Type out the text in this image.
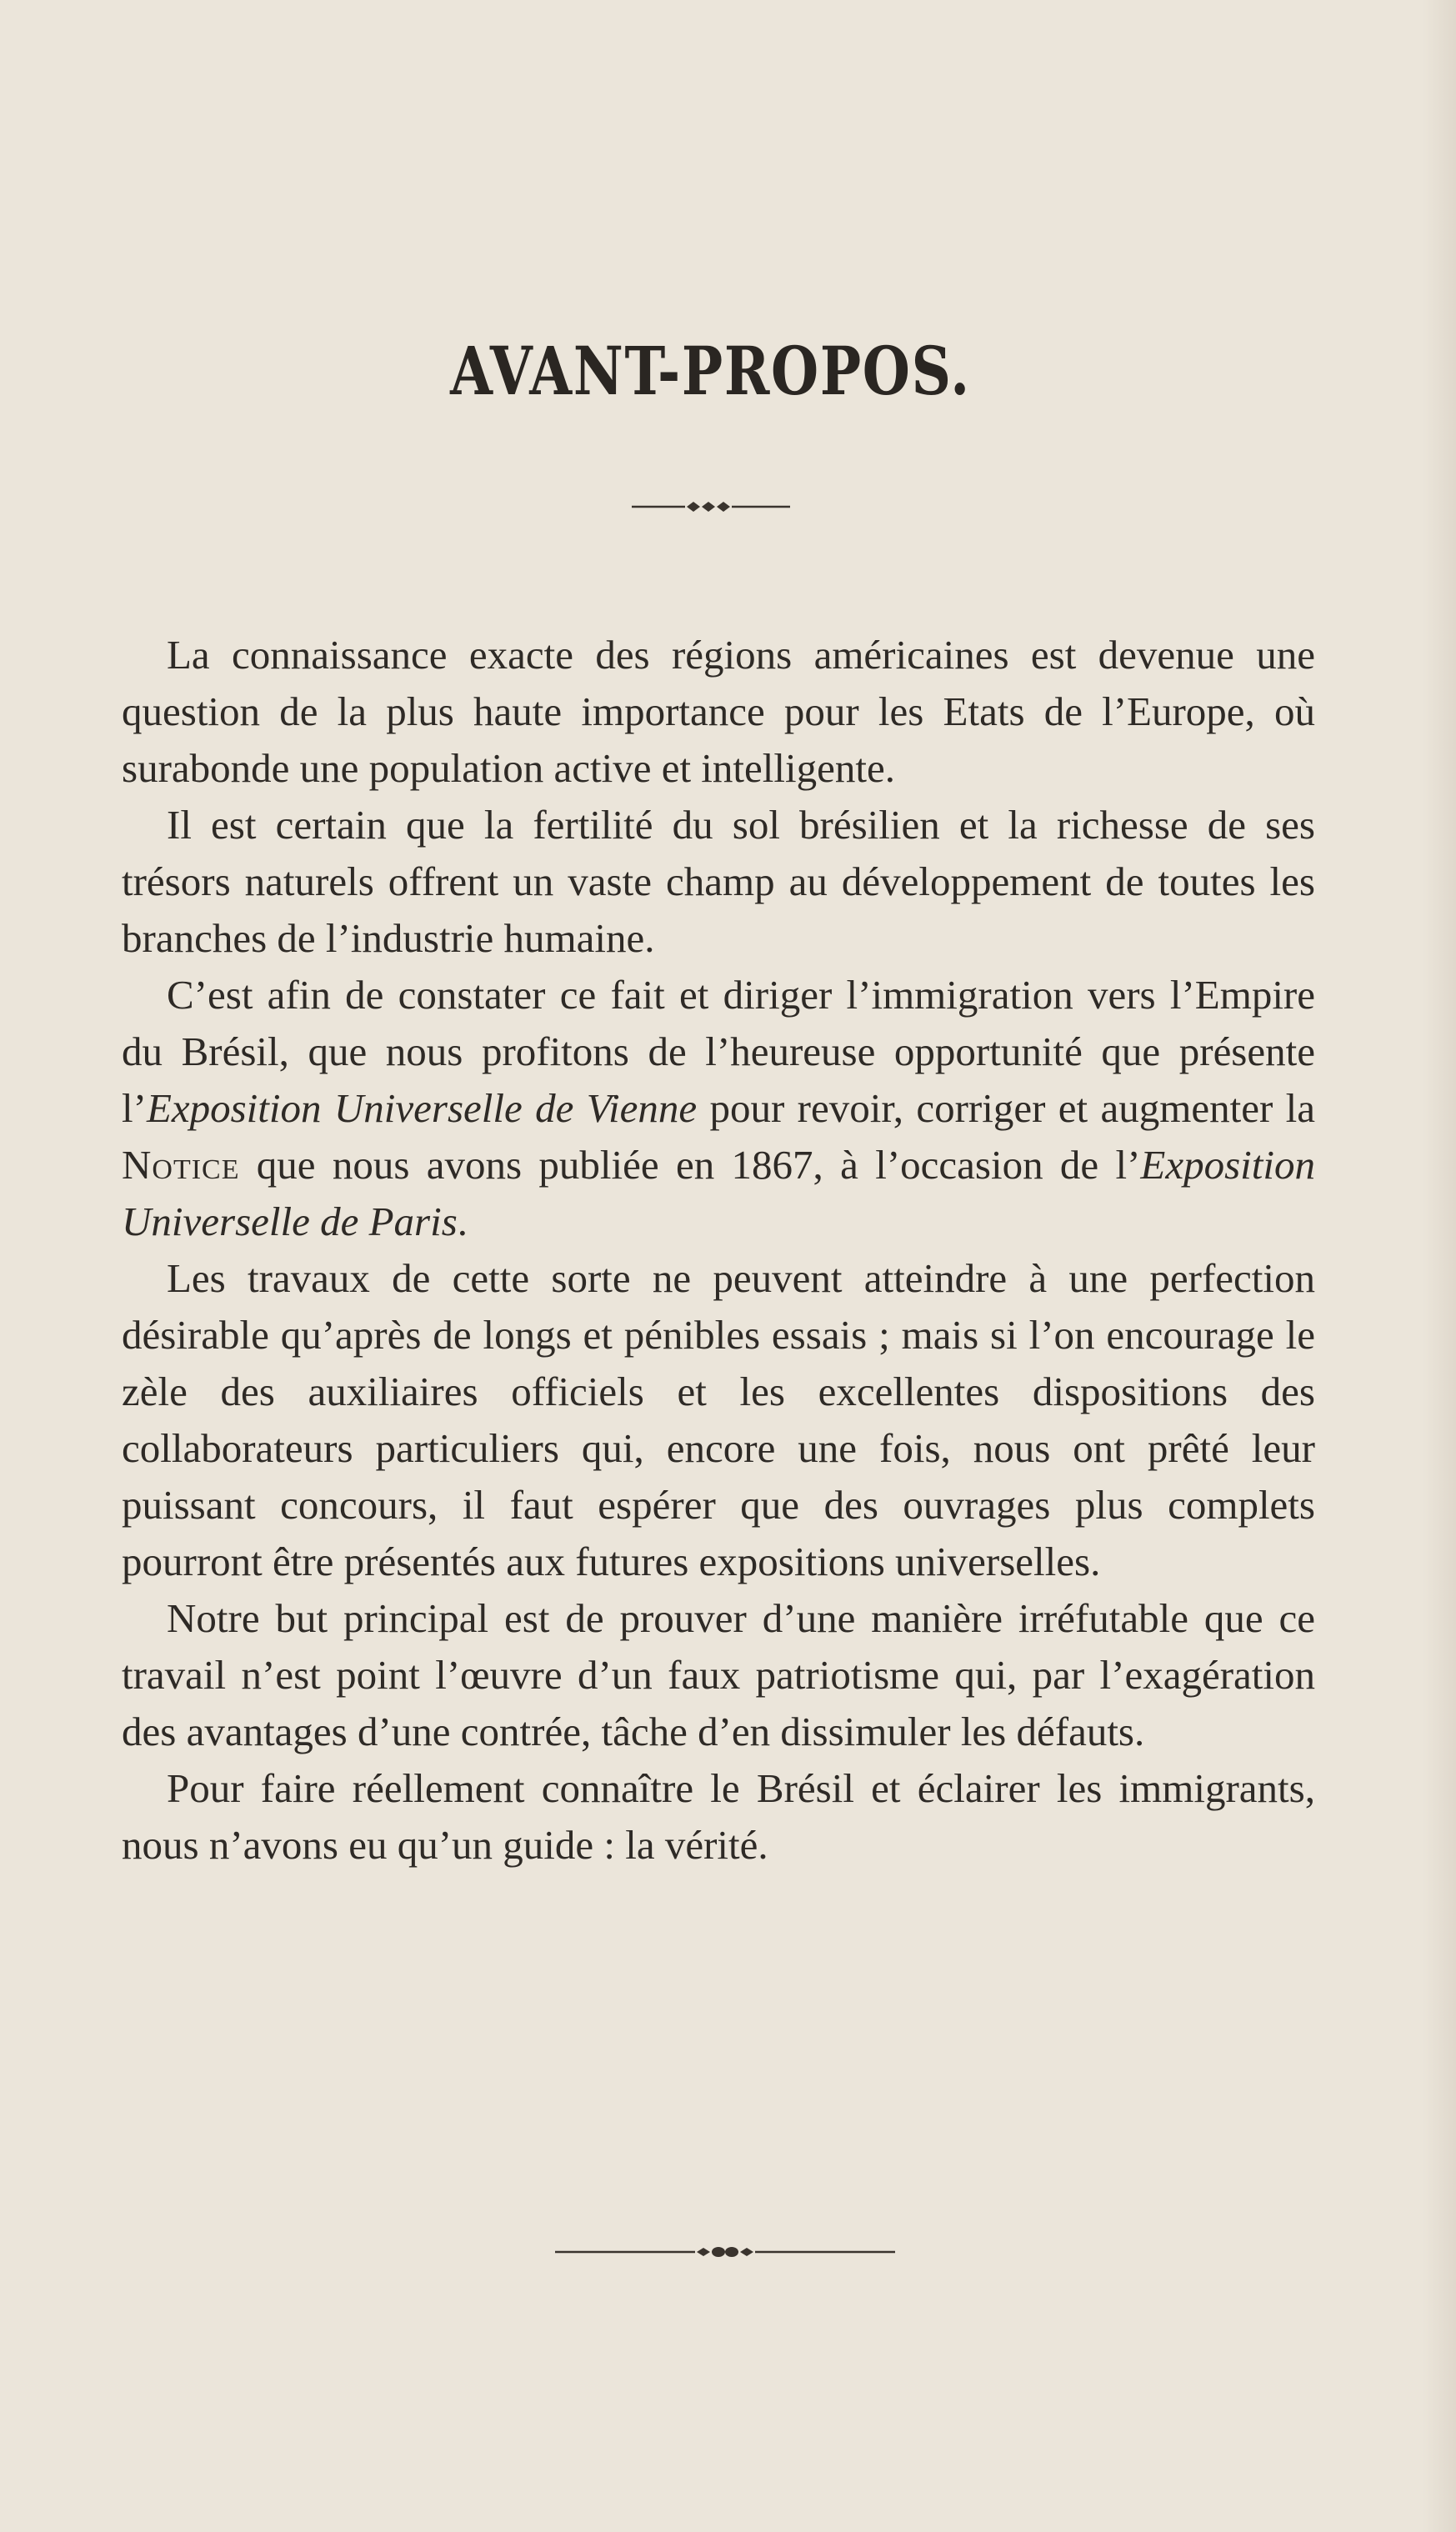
AVANT-PROPOS.

La connaissance exacte des régions américaines est devenue une question de la plus haute importance pour les Etats de l’Europe, où surabonde une population active et intelligente.

Il est certain que la fertilité du sol brésilien et la richesse de ses trésors naturels offrent un vaste champ au développement de toutes les branches de l’industrie humaine.

C’est afin de constater ce fait et diriger l’immigration vers l’Empire du Brésil, que nous profitons de l’heureuse opportunité que présente l’Exposition Universelle de Vienne pour revoir, corriger et augmenter la Notice que nous avons publiée en 1867, à l’occasion de l’Exposition Universelle de Paris.

Les travaux de cette sorte ne peuvent atteindre à une perfection désirable qu’après de longs et pénibles essais ; mais si l’on encourage le zèle des auxiliaires officiels et les excellentes dispositions des collaborateurs particuliers qui, encore une fois, nous ont prêté leur puissant concours, il faut espérer que des ouvrages plus complets pourront être présentés aux futures expositions universelles.

Notre but principal est de prouver d’une manière irréfutable que ce travail n’est point l’œuvre d’un faux patriotisme qui, par l’exagération des avantages d’une contrée, tâche d’en dissimuler les défauts.

Pour faire réellement connaître le Brésil et éclairer les immigrants, nous n’avons eu qu’un guide : la vérité.
